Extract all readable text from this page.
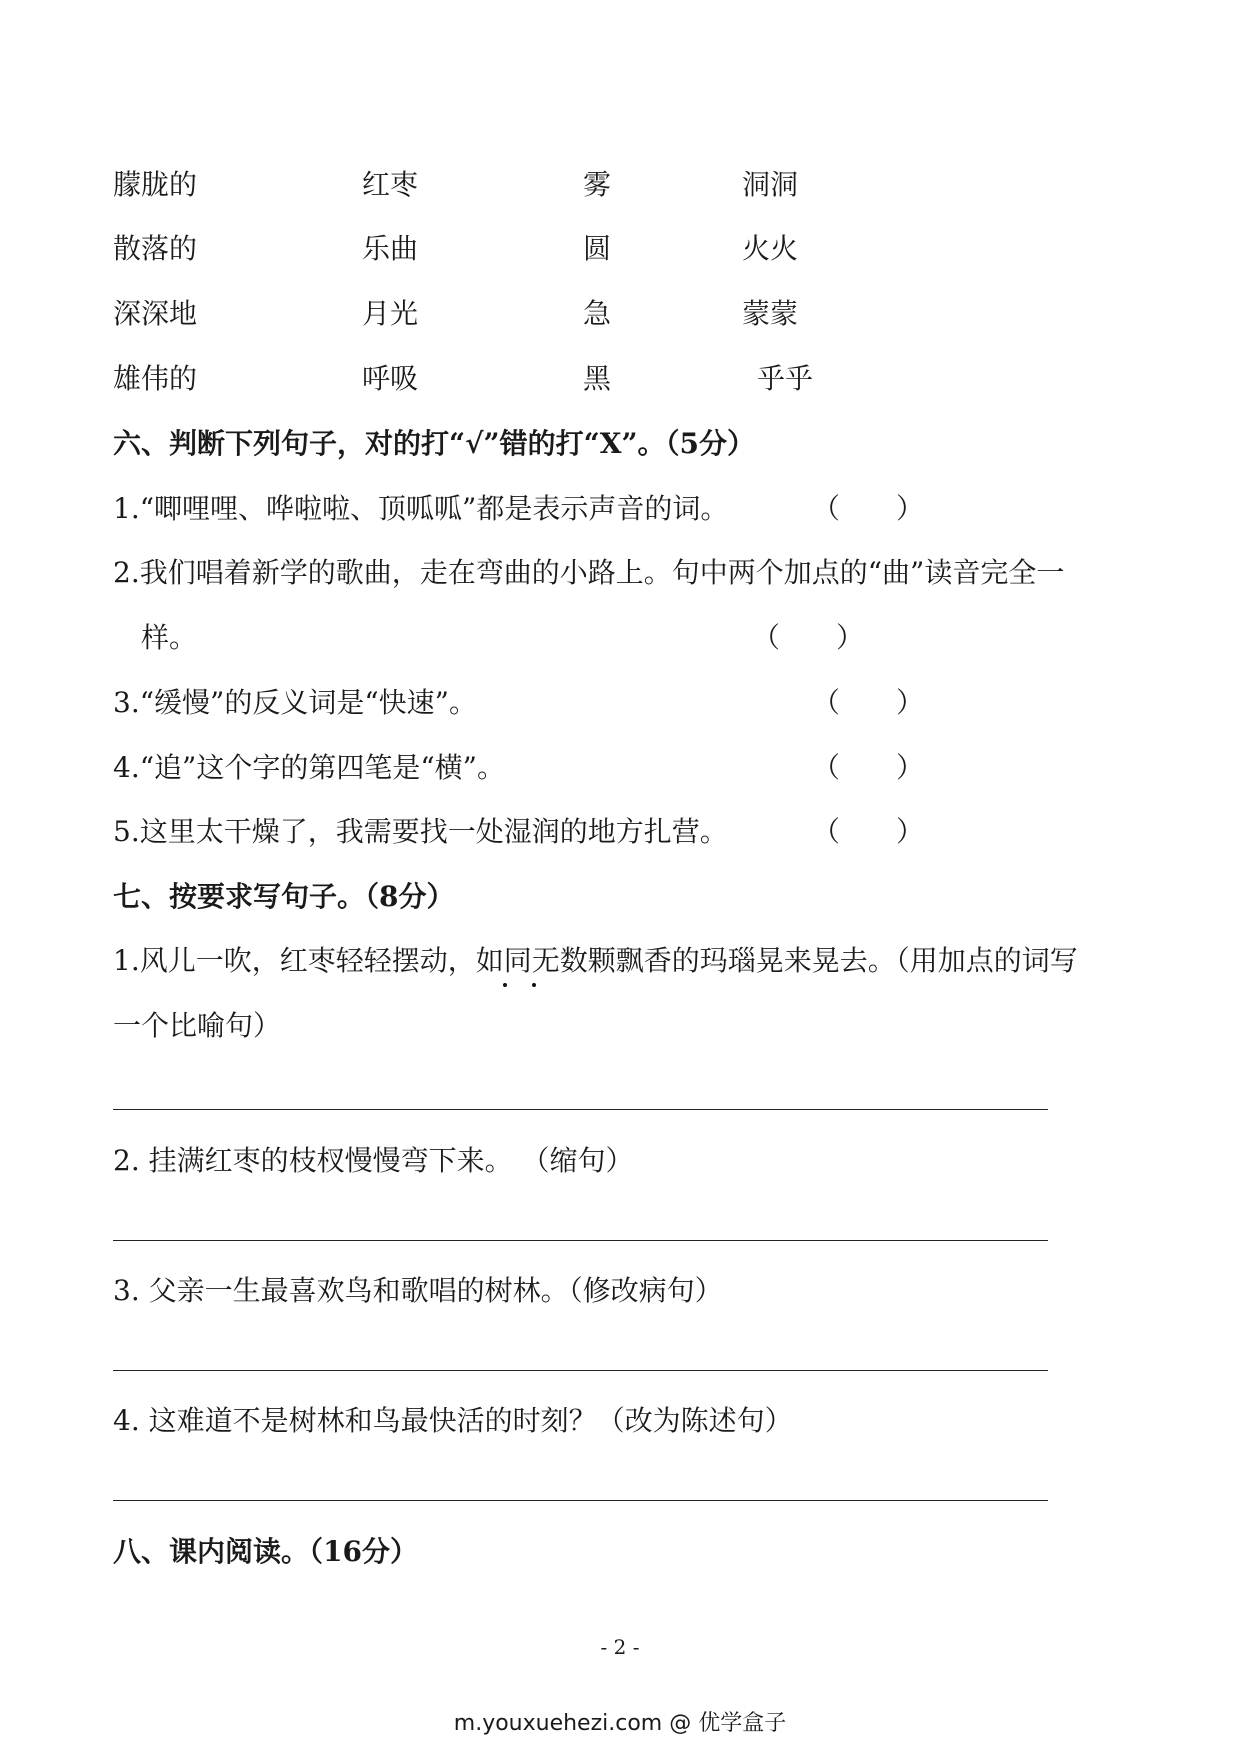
朦胧的	红枣	雾	洞洞
散落的	乐曲	圆	火火
深深地	月光	急	蒙蒙
雄伟的	呼吸	黑	乎乎
六、判断下列句子，对的打“√”错的打“X”。（5分）
1.“唧哩哩、哗啦啦、顶呱呱”都是表示声音的词。	（　　）
2.我们唱着新学的歌曲，走在弯曲的小路上。句中两个加点的“曲”读音完全一
样。	（　　）
3.“缓慢”的反义词是“快速”。	（　　）
4.“追”这个字的第四笔是“横”。	（　　）
5.这里太干燥了，我需要找一处湿润的地方扎营。	（　　）
七、按要求写句子。（8分）
1.风儿一吹，红枣轻轻摆动，如同无数颗飘香的玛瑙晃来晃去。（用加点的词写
一个比喻句）
2. 挂满红枣的枝杈慢慢弯下来。 （缩句）
3. 父亲一生最喜欢鸟和歌唱的树林。（修改病句）
4. 这难道不是树林和鸟最快活的时刻？（改为陈述句）
八、课内阅读。（16分）
- 2 -
m.youxuehezi.com @ 优学盒子
